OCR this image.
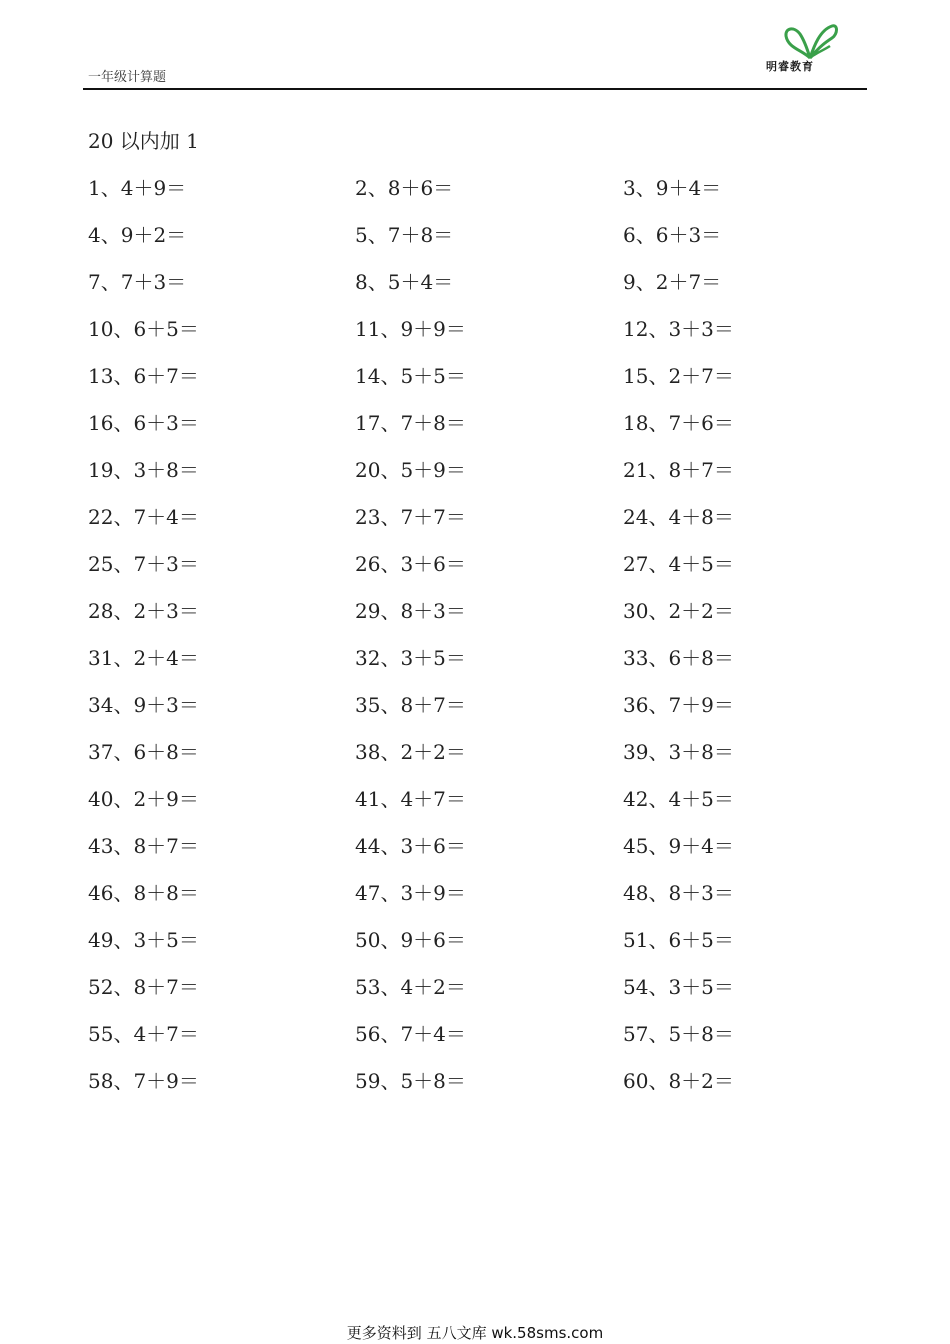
一年级计算题
明睿教育
20 以内加 1
1、4＋9＝	2、8＋6＝	3、9＋4＝
4、9＋2＝	5、7＋8＝	6、6＋3＝
7、7＋3＝	8、5＋4＝	9、2＋7＝
10、6＋5＝	11、9＋9＝	12、3＋3＝
13、6＋7＝	14、5＋5＝	15、2＋7＝
16、6＋3＝	17、7＋8＝	18、7＋6＝
19、3＋8＝	20、5＋9＝	21、8＋7＝
22、7＋4＝	23、7＋7＝	24、4＋8＝
25、7＋3＝	26、3＋6＝	27、4＋5＝
28、2＋3＝	29、8＋3＝	30、2＋2＝
31、2＋4＝	32、3＋5＝	33、6＋8＝
34、9＋3＝	35、8＋7＝	36、7＋9＝
37、6＋8＝	38、2＋2＝	39、3＋8＝
40、2＋9＝	41、4＋7＝	42、4＋5＝
43、8＋7＝	44、3＋6＝	45、9＋4＝
46、8＋8＝	47、3＋9＝	48、8＋3＝
49、3＋5＝	50、9＋6＝	51、6＋5＝
52、8＋7＝	53、4＋2＝	54、3＋5＝
55、4＋7＝	56、7＋4＝	57、5＋8＝
58、7＋9＝	59、5＋8＝	60、8＋2＝
更多资料到 五八文库 wk.58sms.com
